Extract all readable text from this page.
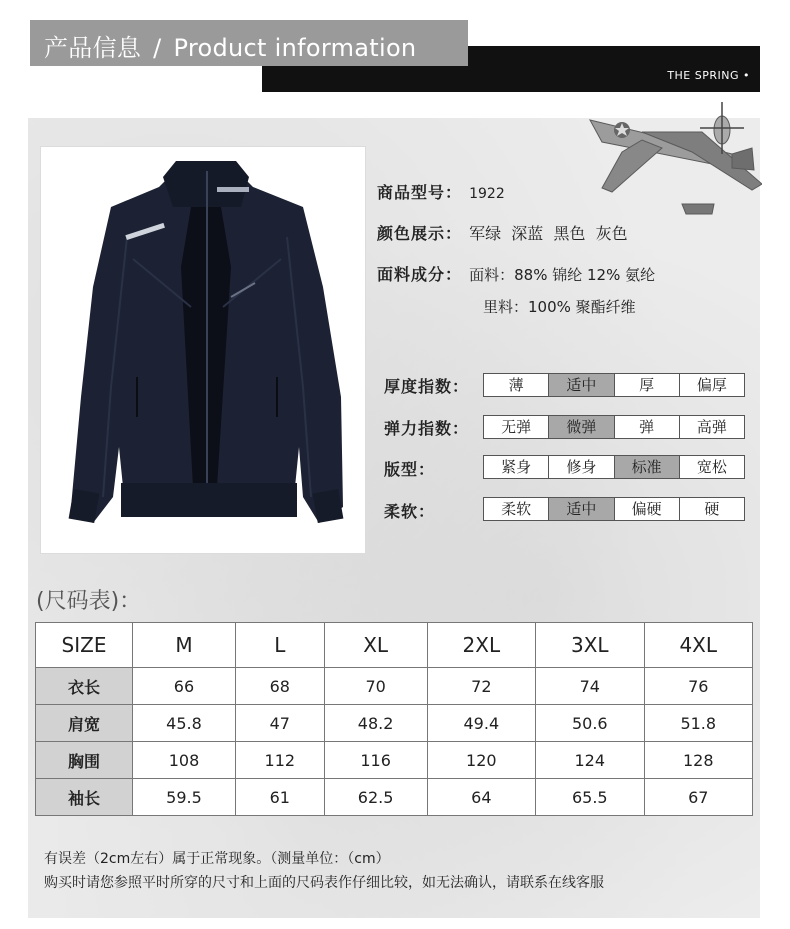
产品信息 / Product information
THE SPRING •
商品型号： 1922
颜色展示： 军绿  深蓝  黑色  灰色
面料成分： 面料：88% 锦纶 12% 氨纶
里料：100% 聚酯纤维
厚度指数：	薄	适中	厚	偏厚
弹力指数：	无弹	微弹	弹	高弹
版型：	紧身	修身	标准	宽松
柔软：	柔软	适中	偏硬	硬
(尺码表)：
SIZE	M	L	XL	2XL	3XL	4XL
衣长	66	68	70	72	74	76
肩宽	45.8	47	48.2	49.4	50.6	51.8
胸围	108	112	116	120	124	128
袖长	59.5	61	62.5	64	65.5	67
有误差（2cm左右）属于正常现象。（测量单位：（cm）
购买时请您参照平时所穿的尺寸和上面的尺码表作仔细比较，如无法确认，请联系在线客服
